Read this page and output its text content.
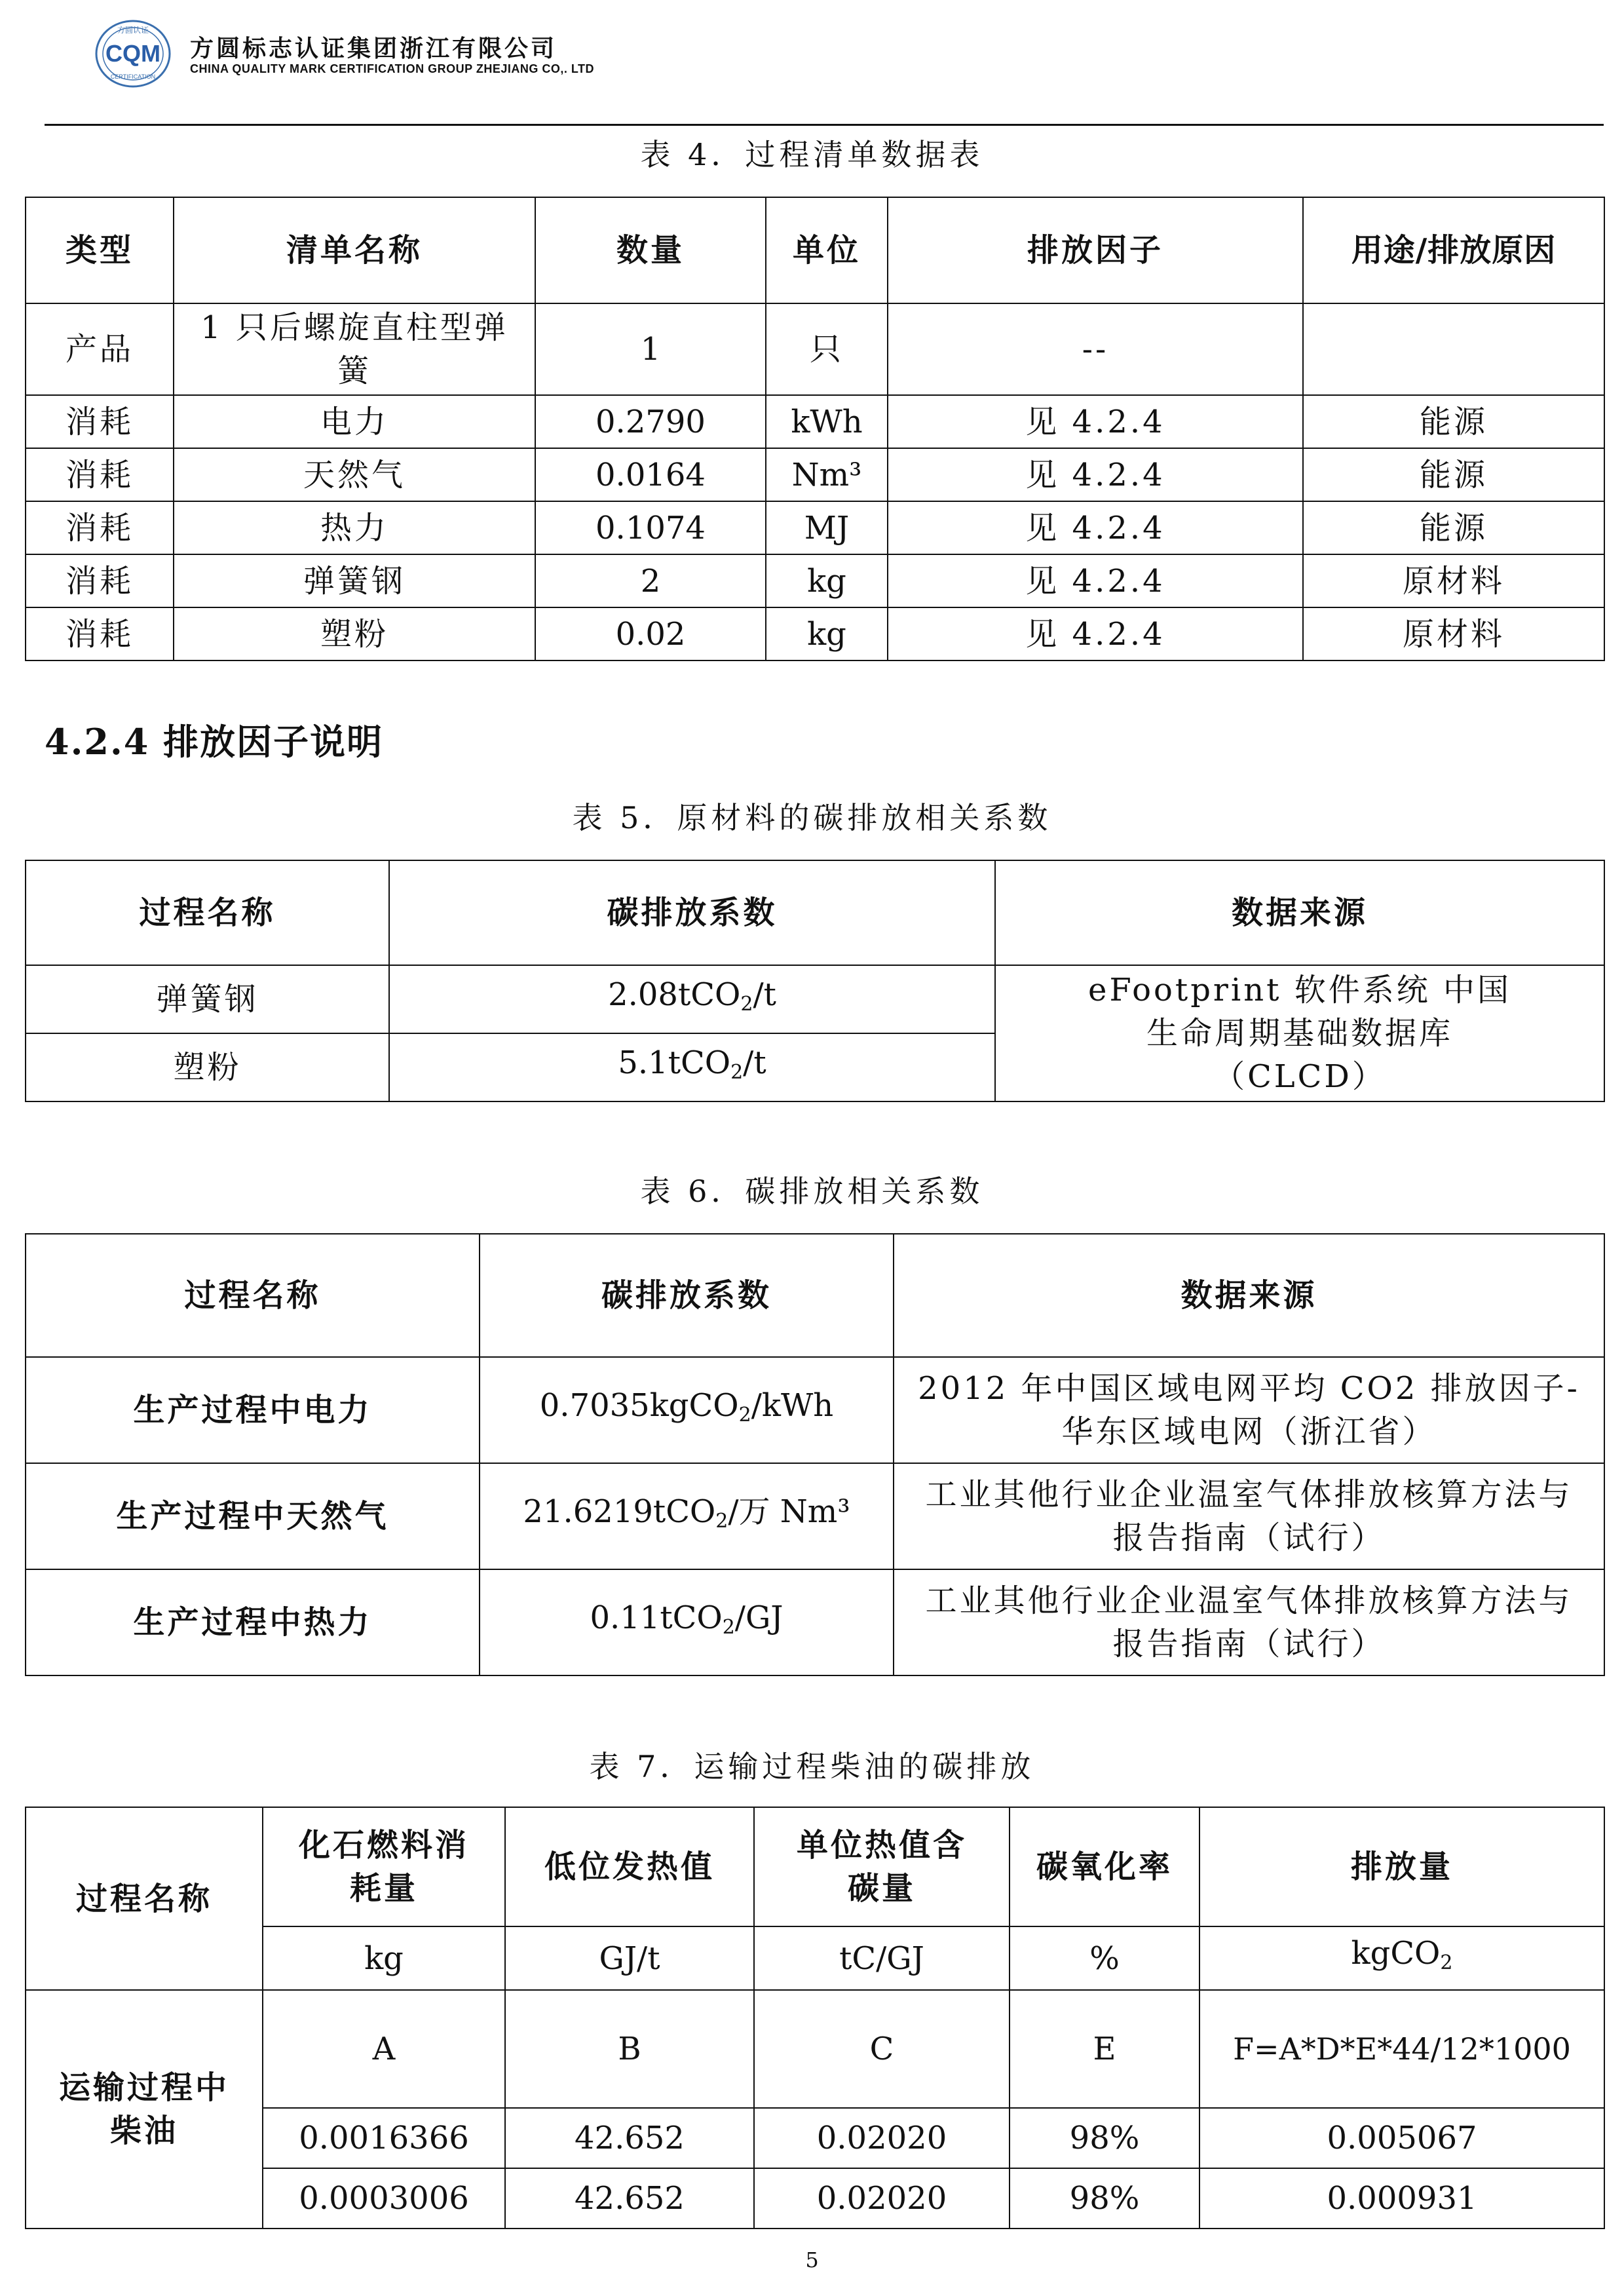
方圆认证
CQM
CERTIFICATION
方圆标志认证集团浙江有限公司
CHINA QUALITY MARK CERTIFICATION GROUP ZHEJIANG CO,. LTD
表 4．过程清单数据表
类型	清单名称	数量	单位	排放因子	用途/排放原因
产品	1 只后螺旋直柱型弹簧	1	只	--	
消耗	电力	0.2790	kWh	见 4.2.4	能源
消耗	天然气	0.0164	Nm³	见 4.2.4	能源
消耗	热力	0.1074	MJ	见 4.2.4	能源
消耗	弹簧钢	2	kg	见 4.2.4	原材料
消耗	塑粉	0.02	kg	见 4.2.4	原材料
4.2.4 排放因子说明
表 5．原材料的碳排放相关系数
过程名称	碳排放系数	数据来源
弹簧钢	2.08tCO$_2$/t	eFootprint 软件系统 中国生命周期基础数据库（CLCD）
塑粉	5.1tCO$_2$/t	
表 6．碳排放相关系数
过程名称	碳排放系数	数据来源
生产过程中电力	0.7035kgCO$_2$/kWh	2012 年中国区域电网平均 CO2 排放因子-华东区域电网（浙江省）
生产过程中天然气	21.6219tCO$_2$/万 Nm³	工业其他行业企业温室气体排放核算方法与报告指南（试行）
生产过程中热力	0.11tCO$_2$/GJ	工业其他行业企业温室气体排放核算方法与报告指南（试行）
表 7．运输过程柴油的碳排放
过程名称	化石燃料消耗量	低位发热值	单位热值含碳量	碳氧化率	排放量
	kg	GJ/t	tC/GJ	%	kgCO$_2$
运输过程中柴油	A	B	C	E	F=A*D*E*44/12*1000
	0.0016366	42.652	0.02020	98%	0.005067
	0.0003006	42.652	0.02020	98%	0.000931
5
